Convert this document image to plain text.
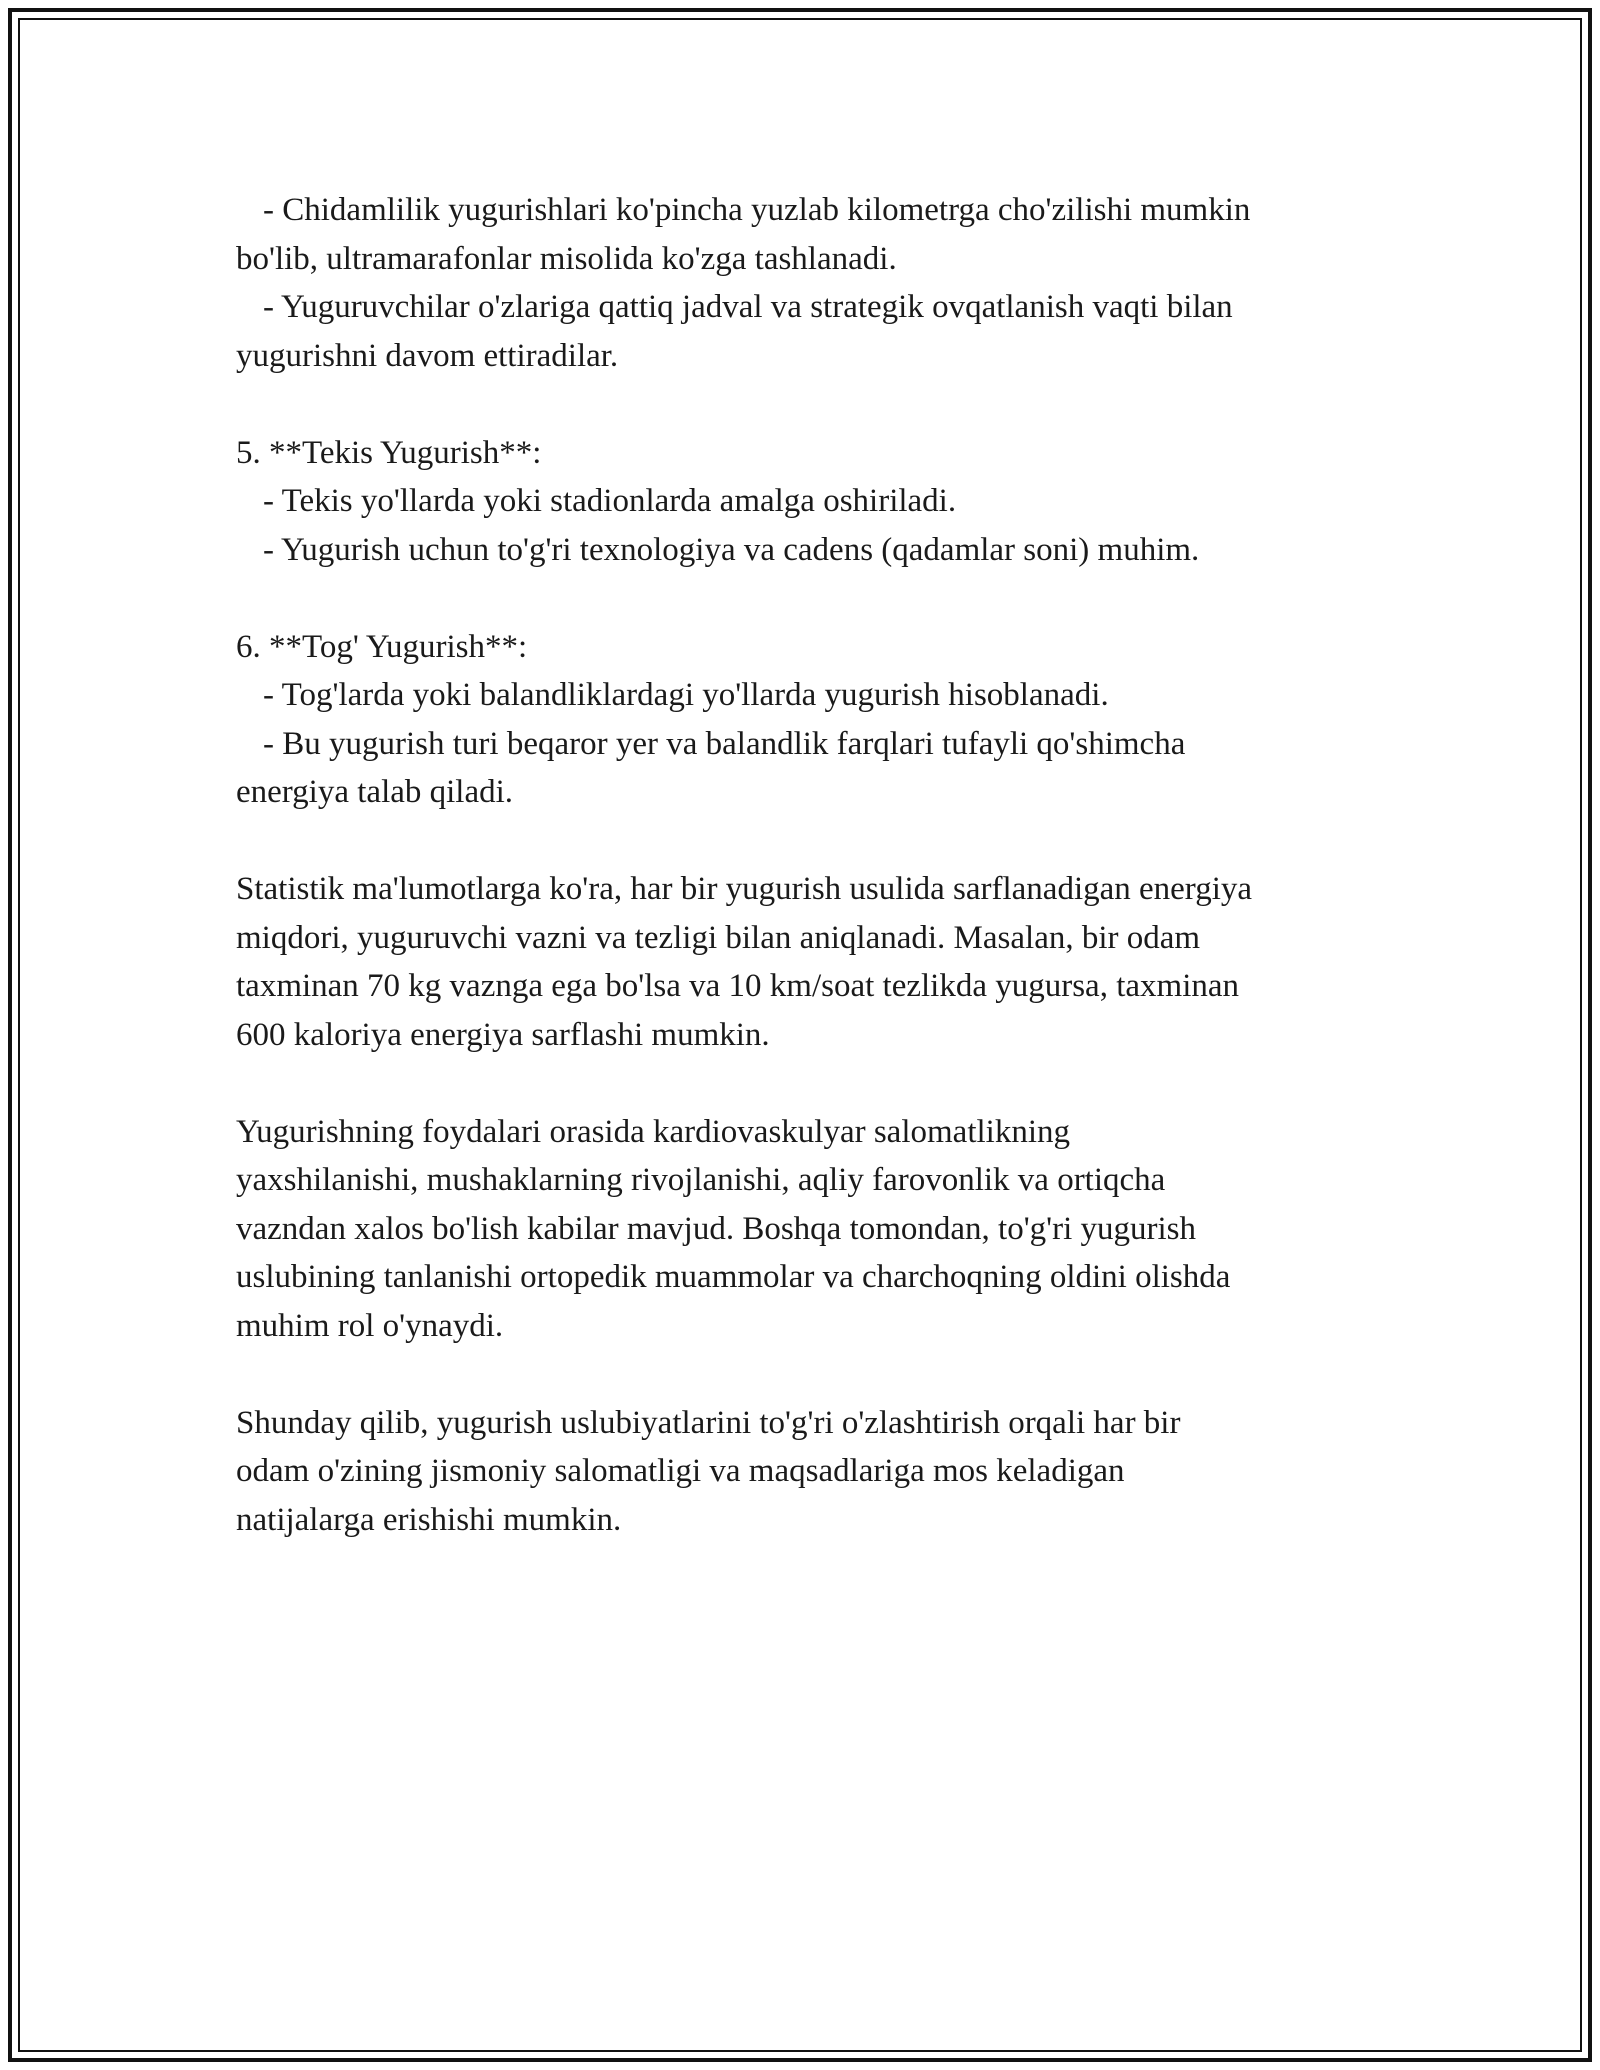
- Chidamlilik yugurishlari ko'pincha yuzlab kilometrga cho'zilishi mumkin
bo'lib, ultramarafonlar misolida ko'zga tashlanadi.
- Yuguruvchilar o'zlariga qattiq jadval va strategik ovqatlanish vaqti bilan
yugurishni davom ettiradilar.
5. **Tekis Yugurish**:
- Tekis yo'llarda yoki stadionlarda amalga oshiriladi.
- Yugurish uchun to'g'ri texnologiya va cadens (qadamlar soni) muhim.
6. **Tog' Yugurish**:
- Tog'larda yoki balandliklardagi yo'llarda yugurish hisoblanadi.
- Bu yugurish turi beqaror yer va balandlik farqlari tufayli qo'shimcha
energiya talab qiladi.

Statistik ma'lumotlarga ko'ra, har bir yugurish usulida sarflanadigan energiya
miqdori, yuguruvchi vazni va tezligi bilan aniqlanadi. Masalan, bir odam
taxminan 70 kg vaznga ega bo'lsa va 10 km/soat tezlikda yugursa, taxminan
600 kaloriya energiya sarflashi mumkin.

Yugurishning foydalari orasida kardiovaskulyar salomatlikning
yaxshilanishi, mushaklarning rivojlanishi, aqliy farovonlik va ortiqcha
vazndan xalos bo'lish kabilar mavjud. Boshqa tomondan, to'g'ri yugurish
uslubining tanlanishi ortopedik muammolar va charchoqning oldini olishda
muhim rol o'ynaydi.

Shunday qilib, yugurish uslubiyatlarini to'g'ri o'zlashtirish orqali har bir
odam o'zining jismoniy salomatligi va maqsadlariga mos keladigan
natijalarga erishishi mumkin.
